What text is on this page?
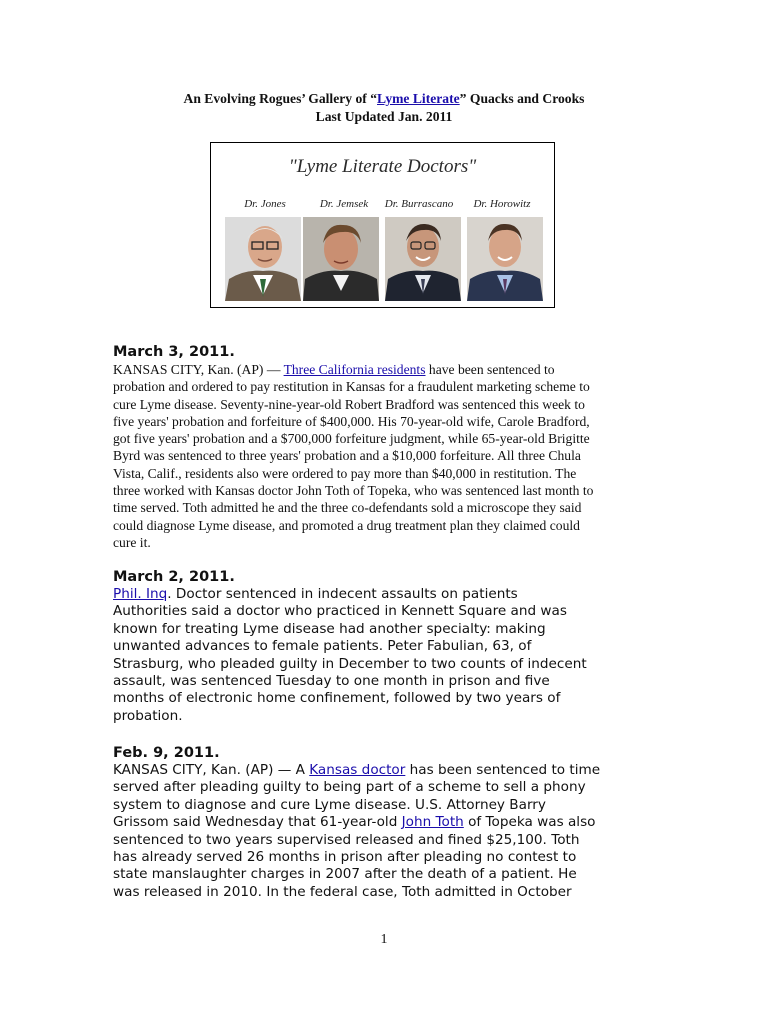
An Evolving Rogues’ Gallery of “Lyme Literate” Quacks and Crooks
Last Updated Jan. 2011
"Lyme Literate Doctors"
Dr. Jones	Dr. Jemsek	Dr. Burrascano	Dr. Horowitz
March 3, 2011.
KANSAS CITY, Kan. (AP) — Three California residents have been sentenced to
probation and ordered to pay restitution in Kansas for a fraudulent marketing scheme to
cure Lyme disease. Seventy-nine-year-old Robert Bradford was sentenced this week to
five years' probation and forfeiture of $400,000. His 70-year-old wife, Carole Bradford,
got five years' probation and a $700,000 forfeiture judgment, while 65-year-old Brigitte
Byrd was sentenced to three years' probation and a $10,000 forfeiture. All three Chula
Vista, Calif., residents also were ordered to pay more than $40,000 in restitution. The
three worked with Kansas doctor John Toth of Topeka, who was sentenced last month to
time served. Toth admitted he and the three co-defendants sold a microscope they said
could diagnose Lyme disease, and promoted a drug treatment plan they claimed could
cure it.
March 2, 2011.
Phil. Inq. Doctor sentenced in indecent assaults on patients
Authorities said a doctor who practiced in Kennett Square and was
known for treating Lyme disease had another specialty: making
unwanted advances to female patients. Peter Fabulian, 63, of
Strasburg, who pleaded guilty in December to two counts of indecent
assault, was sentenced Tuesday to one month in prison and five
months of electronic home confinement, followed by two years of
probation.
Feb. 9, 2011.
KANSAS CITY, Kan. (AP) — A Kansas doctor has been sentenced to time
served after pleading guilty to being part of a scheme to sell a phony
system to diagnose and cure Lyme disease. U.S. Attorney Barry
Grissom said Wednesday that 61-year-old John Toth of Topeka was also
sentenced to two years supervised released and fined $25,100. Toth
has already served 26 months in prison after pleading no contest to
state manslaughter charges in 2007 after the death of a patient. He
was released in 2010. In the federal case, Toth admitted in October
1
